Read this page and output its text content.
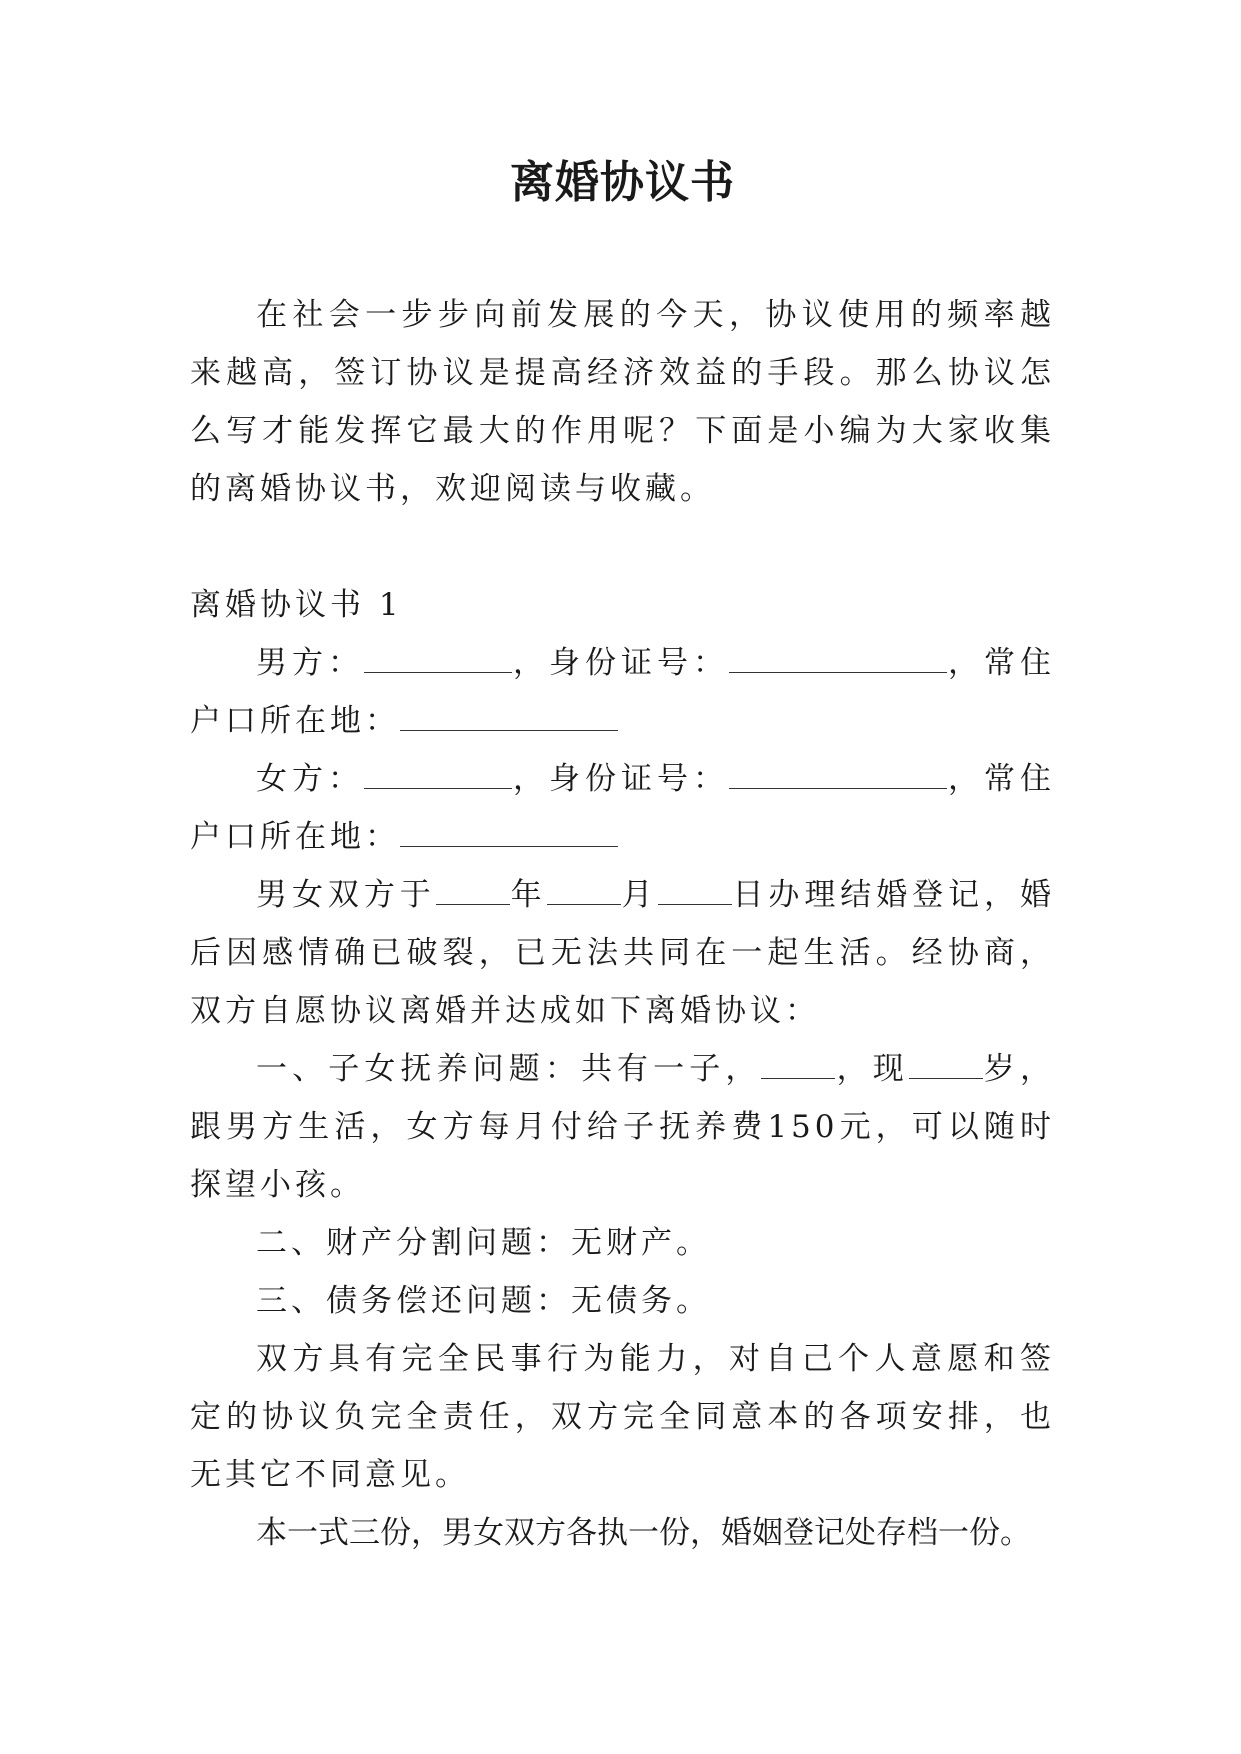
离婚协议书

在社会一步步向前发展的今天，协议使用的频率越来越高，签订协议是提高经济效益的手段。那么协议怎么写才能发挥它最大的作用呢？下面是小编为大家收集的离婚协议书，欢迎阅读与收藏。

离婚协议书 1

男方：	，身份证号：	，常住户口所在地：

女方：	，身份证号：	，常住户口所在地：

男女双方于 年 月 日办理结婚登记，婚后因感情确已破裂，已无法共同在一起生活。经协商，双方自愿协议离婚并达成如下离婚协议：

一、子女抚养问题：共有一子， ，现 岁，跟男方生活，女方每月付给子抚养费150元，可以随时探望小孩。

二、财产分割问题：无财产。

三、债务偿还问题：无债务。

双方具有完全民事行为能力，对自己个人意愿和签定的协议负完全责任，双方完全同意本的各项安排，也无其它不同意见。

本一式三份，男女双方各执一份，婚姻登记处存档一份。
